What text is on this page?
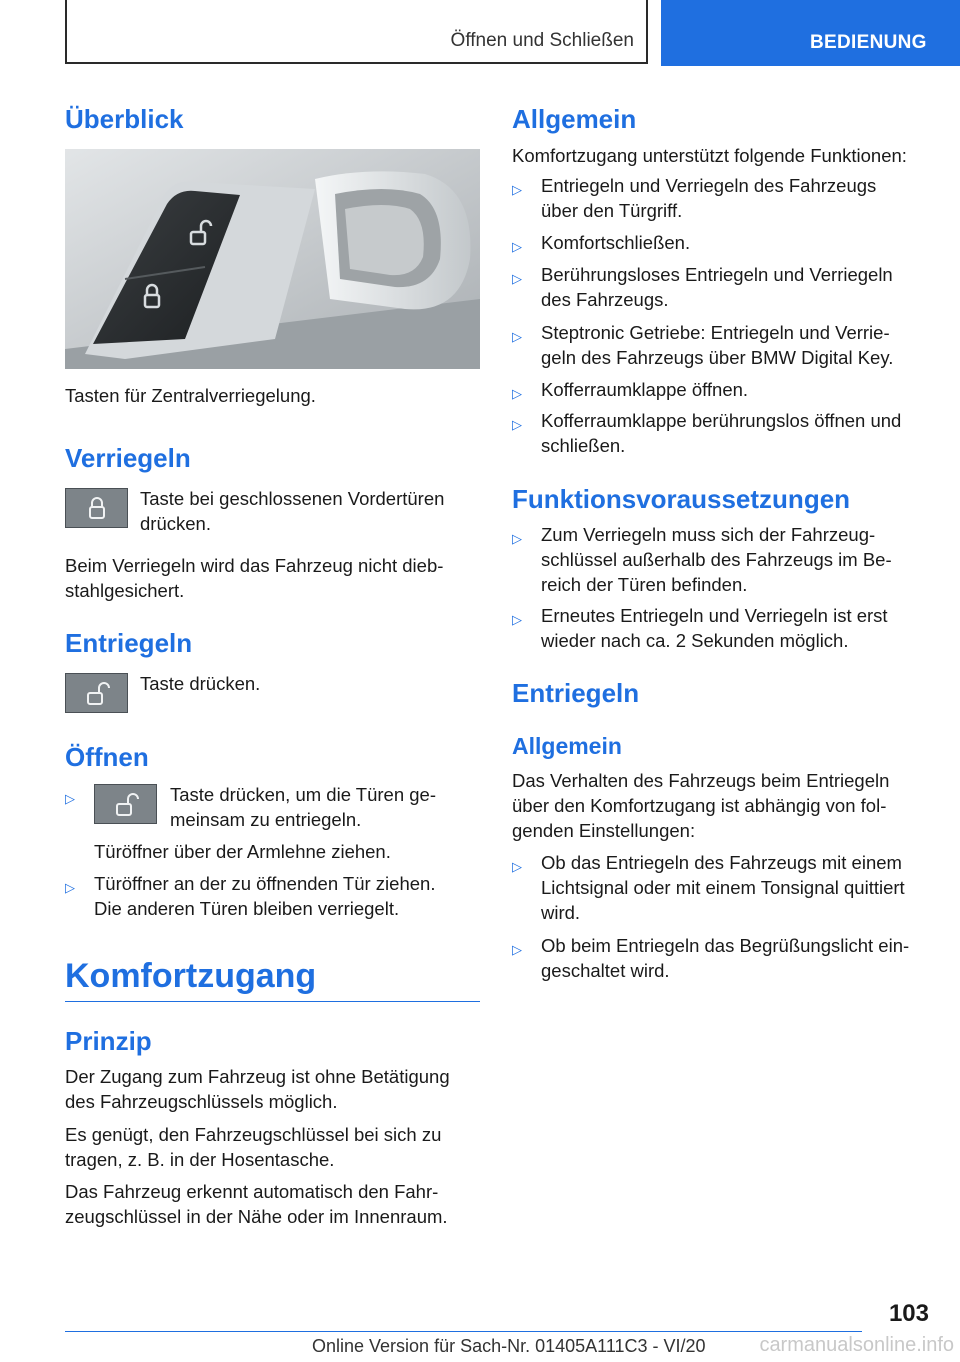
Öffnen und Schließen	BEDIENUNG
Überblick
Tasten für Zentralverriegelung.
Verriegeln
Taste bei geschlossenen Vordertüren
drücken.
Beim Verriegeln wird das Fahrzeug nicht dieb-
stahlgesichert.
Entriegeln
Taste drücken.
Öffnen
▷	Taste drücken, um die Türen ge-
meinsam zu entriegeln.
Türöffner über der Armlehne ziehen.
▷	Türöffner an der zu öffnenden Tür ziehen.
Die anderen Türen bleiben verriegelt.
Komfortzugang
Prinzip
Der Zugang zum Fahrzeug ist ohne Betätigung
des Fahrzeugschlüssels möglich.
Es genügt, den Fahrzeugschlüssel bei sich zu
tragen, z. B. in der Hosentasche.
Das Fahrzeug erkennt automatisch den Fahr-
zeugschlüssel in der Nähe oder im Innenraum.
Allgemein
Komfortzugang unterstützt folgende Funktionen:
▷	Entriegeln und Verriegeln des Fahrzeugs
über den Türgriff.
▷	Komfortschließen.
▷	Berührungsloses Entriegeln und Verriegeln
des Fahrzeugs.
▷	Steptronic Getriebe: Entriegeln und Verrie-
geln des Fahrzeugs über BMW Digital Key.
▷	Kofferraumklappe öffnen.
▷	Kofferraumklappe berührungslos öffnen und
schließen.
Funktionsvoraussetzungen
▷	Zum Verriegeln muss sich der Fahrzeug-
schlüssel außerhalb des Fahrzeugs im Be-
reich der Türen befinden.
▷	Erneutes Entriegeln und Verriegeln ist erst
wieder nach ca. 2 Sekunden möglich.
Entriegeln
Allgemein
Das Verhalten des Fahrzeugs beim Entriegeln
über den Komfortzugang ist abhängig von fol-
genden Einstellungen:
▷	Ob das Entriegeln des Fahrzeugs mit einem
Lichtsignal oder mit einem Tonsignal quittiert
wird.
▷	Ob beim Entriegeln das Begrüßungslicht ein-
geschaltet wird.
103
Online Version für Sach-Nr. 01405A111C3 - VI/20	carmanualsonline.info
